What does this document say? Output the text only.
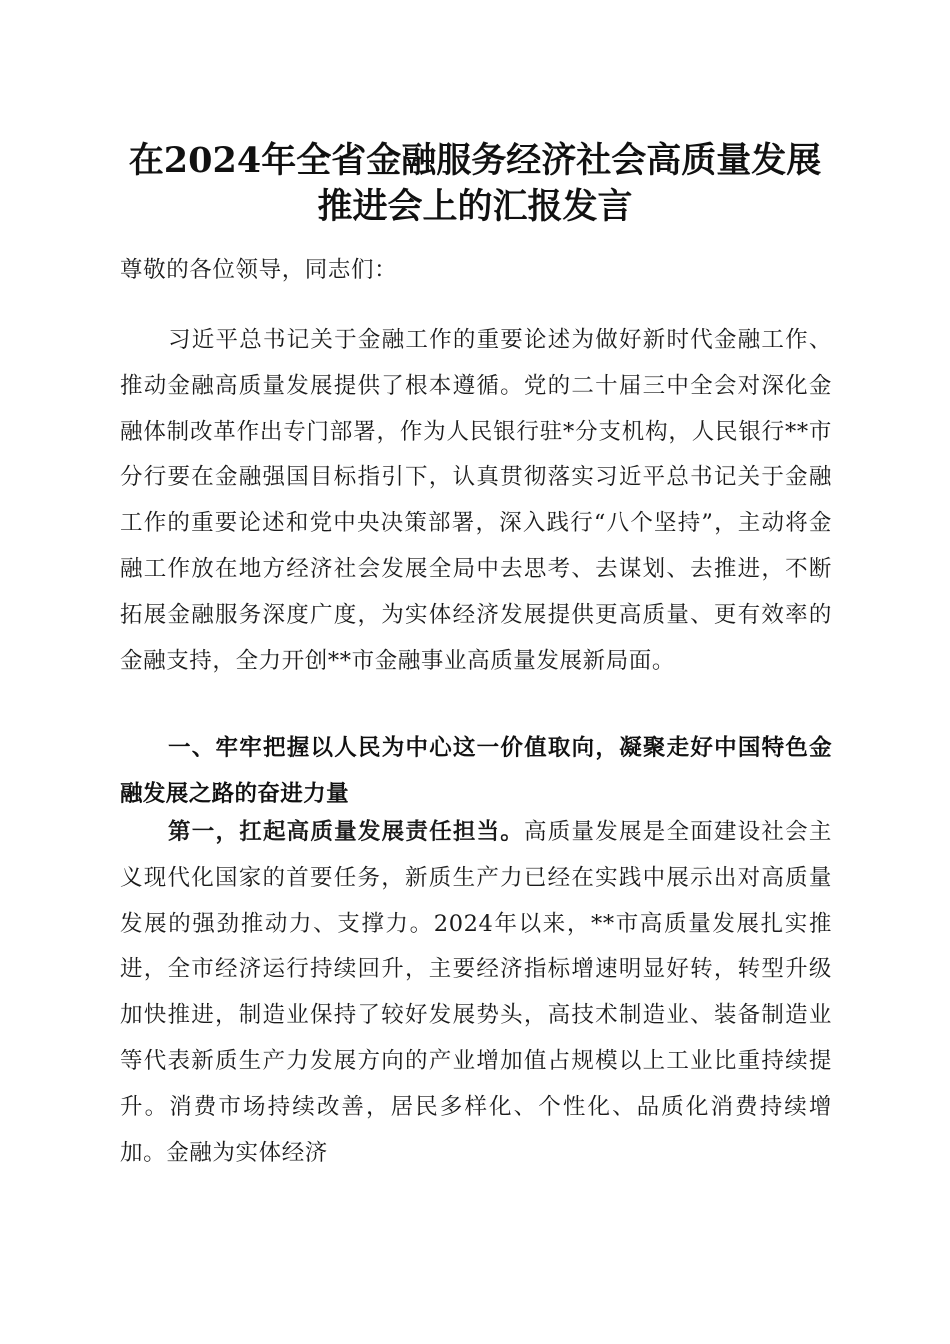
在2024年全省金融服务经济社会高质量发展
推进会上的汇报发言
尊敬的各位领导，同志们：
习近平总书记关于金融工作的重要论述为做好新时代金融工作、推动金融高质量发展提供了根本遵循。党的二十届三中全会对深化金融体制改革作出专门部署，作为人民银行驻*分支机构，人民银行**市分行要在金融强国目标指引下，认真贯彻落实习近平总书记关于金融工作的重要论述和党中央决策部署，深入践行“八个坚持”，主动将金融工作放在地方经济社会发展全局中去思考、去谋划、去推进，不断拓展金融服务深度广度，为实体经济发展提供更高质量、更有效率的金融支持，全力开创**市金融事业高质量发展新局面。
一、牢牢把握以人民为中心这一价值取向，凝聚走好中国特色金融发展之路的奋进力量
第一，扛起高质量发展责任担当。高质量发展是全面建设社会主义现代化国家的首要任务，新质生产力已经在实践中展示出对高质量发展的强劲推动力、支撑力。2024年以来，**市高质量发展扎实推进，全市经济运行持续回升，主要经济指标增速明显好转，转型升级加快推进，制造业保持了较好发展势头，高技术制造业、装备制造业等代表新质生产力发展方向的产业增加值占规模以上工业比重持续提升。消费市场持续改善，居民多样化、个性化、品质化消费持续增加。金融为实体经济
